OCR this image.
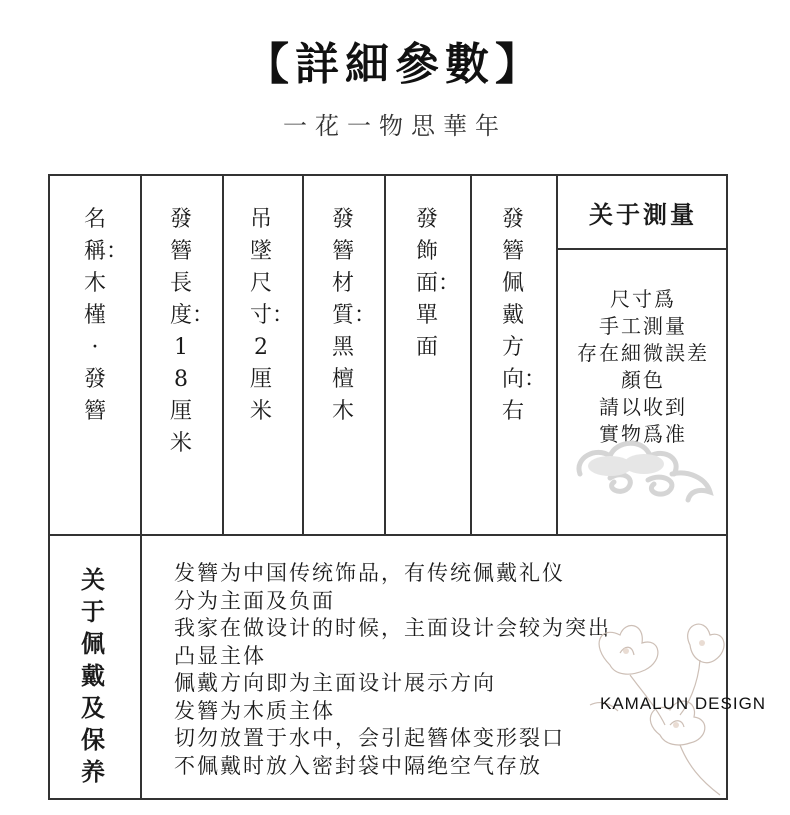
【詳細參數】
一花一物思華年
名稱：木槿·發簪
發簪長度：18厘米
吊墜尺寸：2厘米
發簪材質：黑檀木
發飾面：單面
發簪佩戴方向：右
关于測量
尺寸爲
手工測量
存在細微誤差
顏色
請以收到
實物爲准
关于佩戴及保养
发簪为中国传统饰品，有传统佩戴礼仪
分为主面及负面
我家在做设计的时候，主面设计会较为突出
凸显主体
佩戴方向即为主面设计展示方向
发簪为木质主体
切勿放置于水中，会引起簪体变形裂口
不佩戴时放入密封袋中隔绝空气存放
KAMALUN DESIGN
